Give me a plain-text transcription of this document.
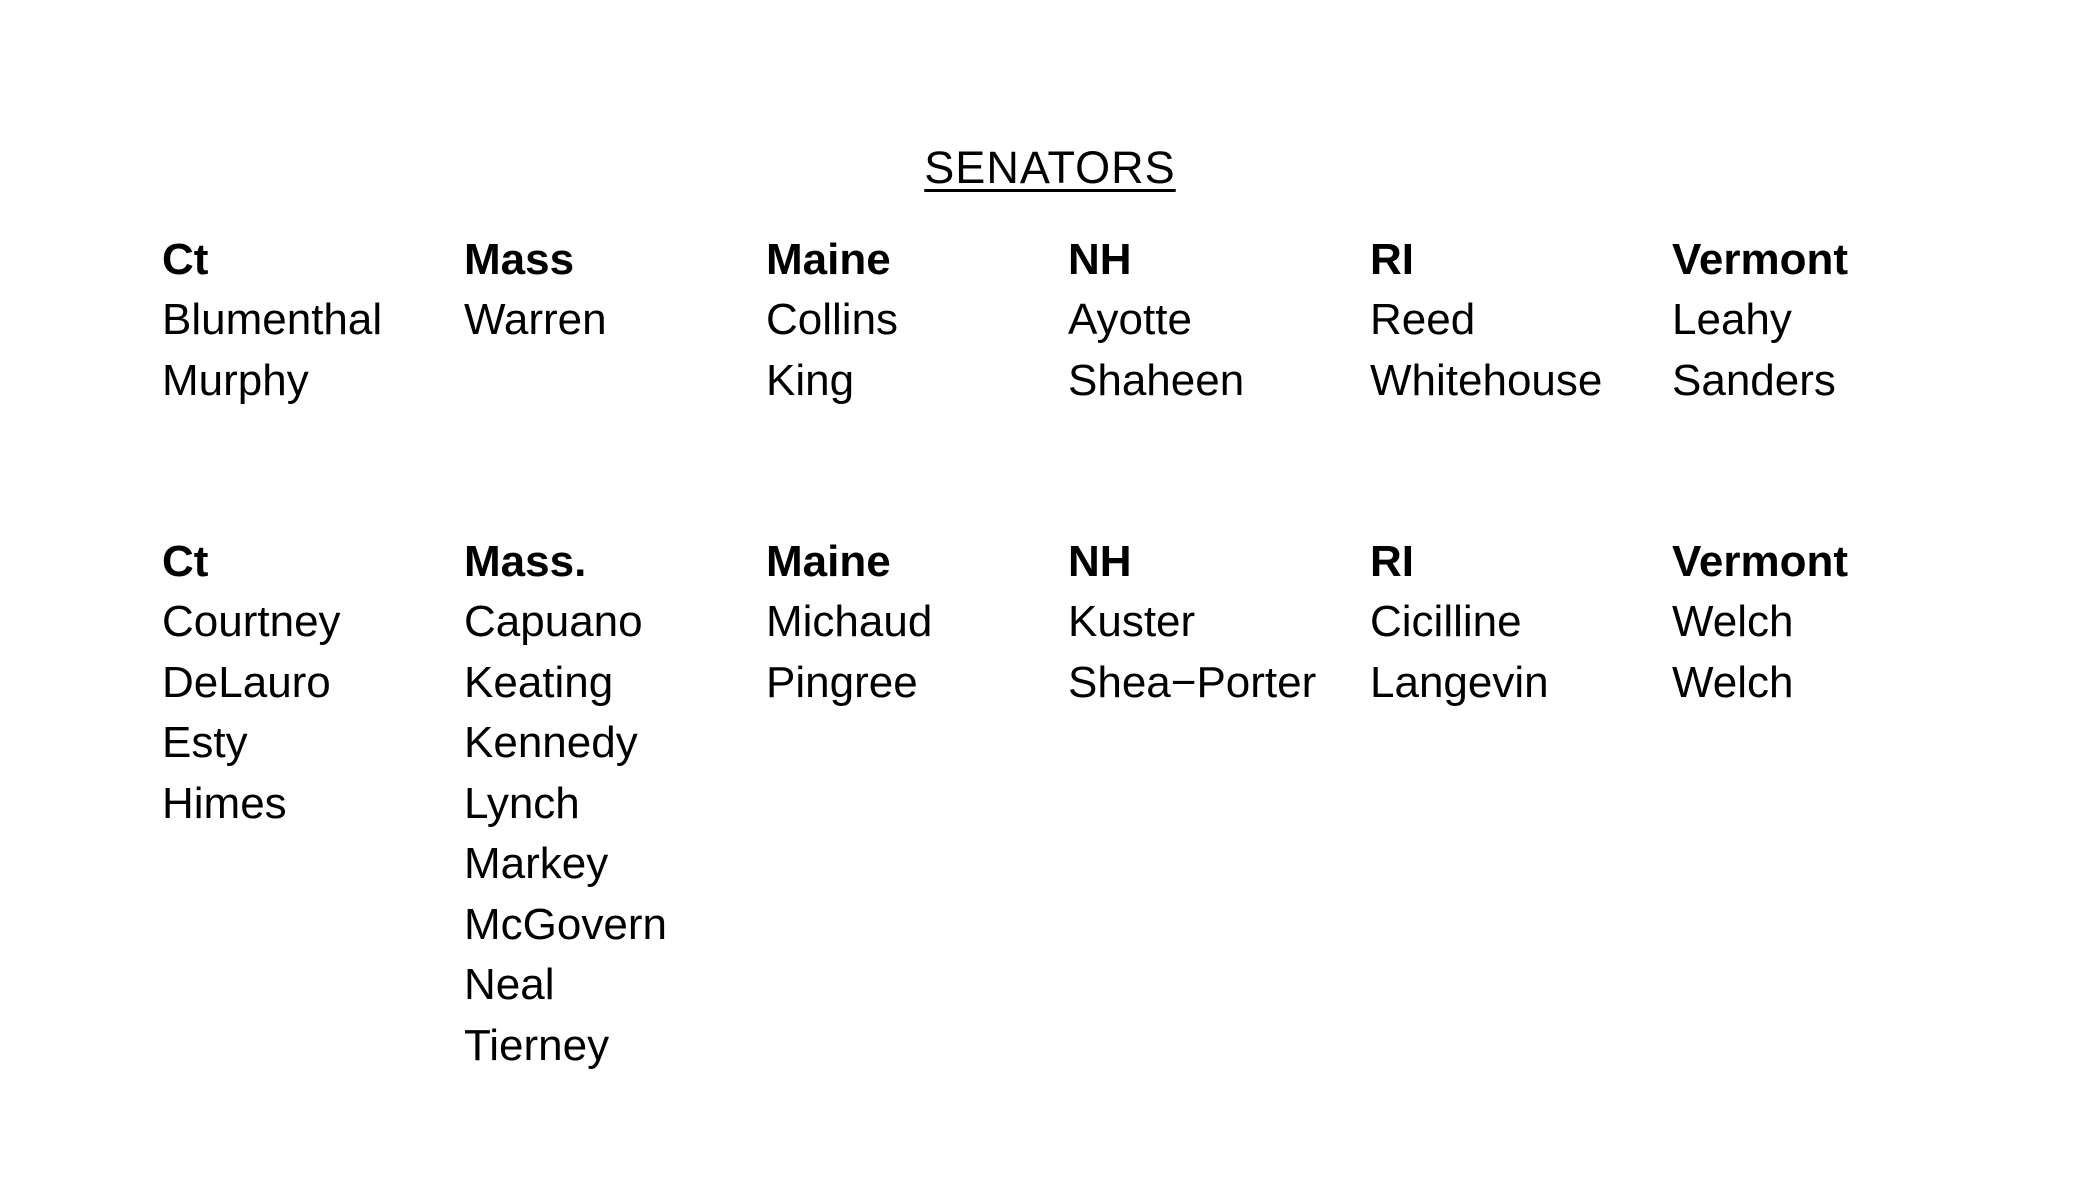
SENATORS
Ct
Blumenthal
Murphy
Mass
Warren
Maine
Collins
King
NH
Ayotte
Shaheen
RI
Reed
Whitehouse
Vermont
Leahy
Sanders
Ct
Courtney
DeLauro
Esty
Himes
Mass.
Capuano
Keating
Kennedy
Lynch
Markey
McGovern
Neal
Tierney
Maine
Michaud
Pingree
NH
Kuster
Shea−Porter
RI
Cicilline
Langevin
Vermont
Welch
Welch
